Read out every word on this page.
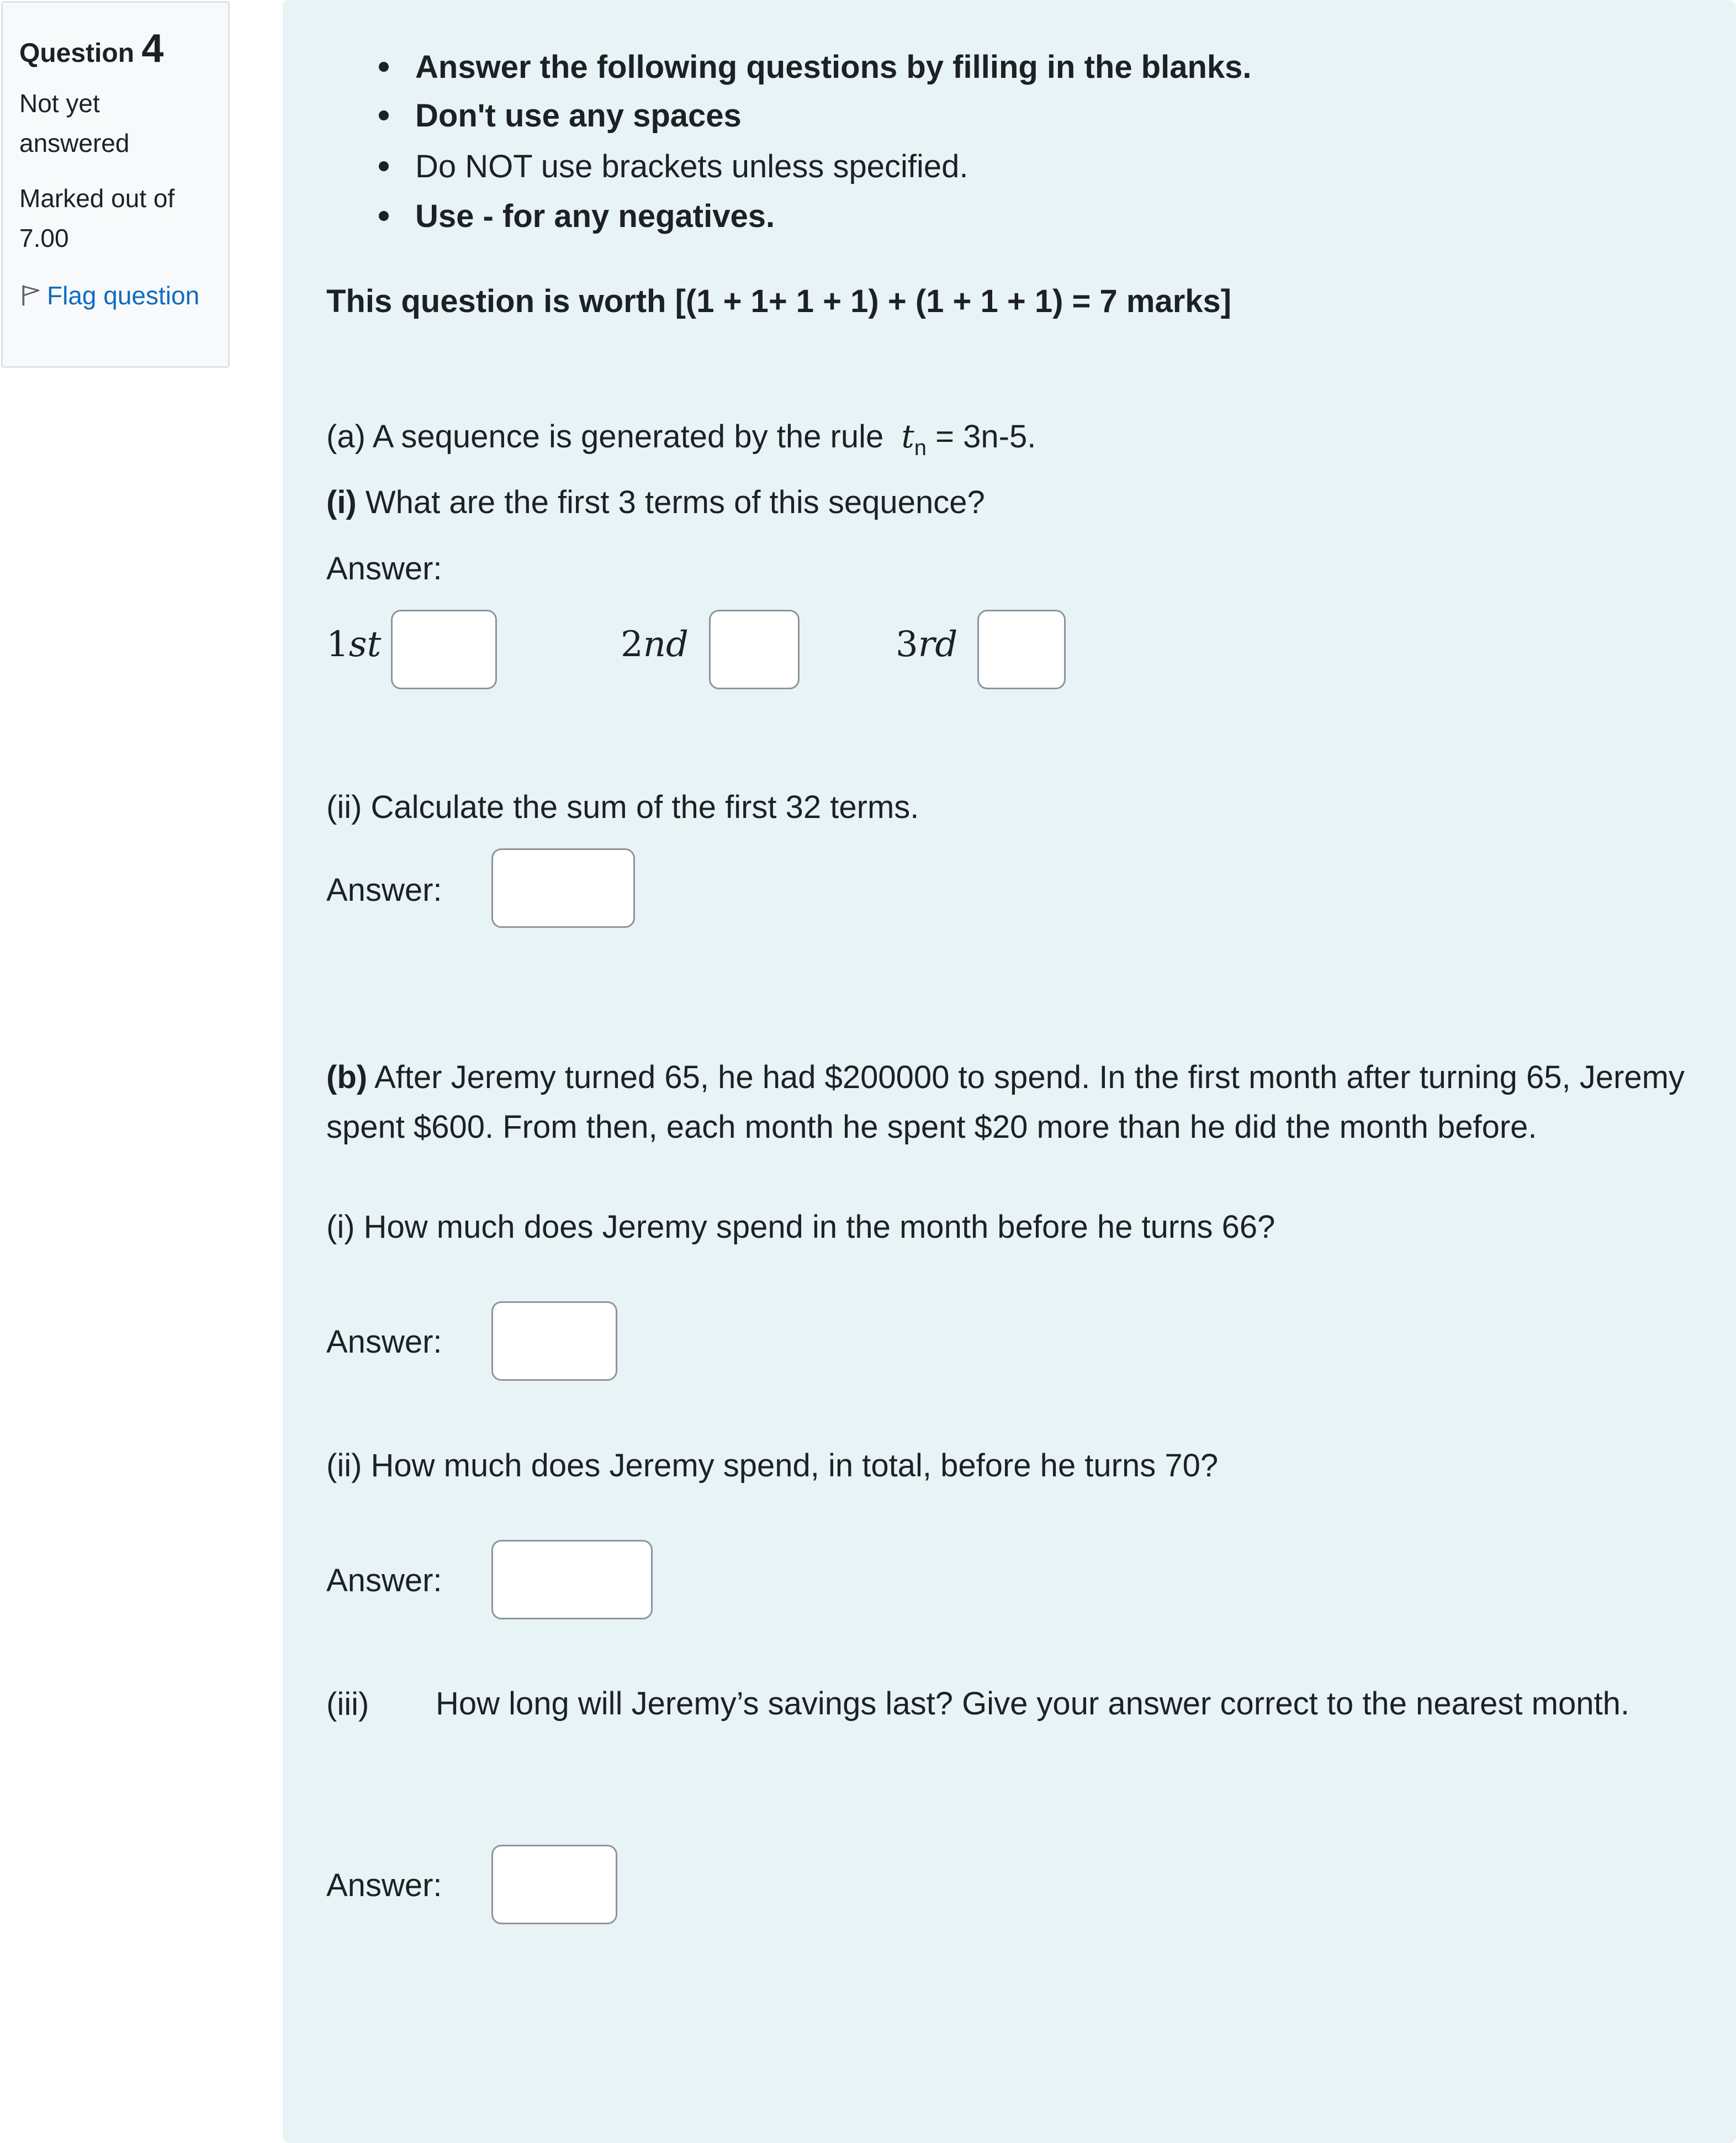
Question 4
Not yet answered
Marked out of 7.00
Flag question
Answer the following questions by filling in the blanks.
Don't use any spaces
Do NOT use brackets unless specified.
Use - for any negatives.
This question is worth [(1 + 1+ 1 + 1) + (1 + 1 + 1) = 7 marks]
(a) A sequence is generated by the rule $t_n = 3n-5$.
(i) What are the first 3 terms of this sequence?
Answer:
1st	2nd	3rd
(ii) Calculate the sum of the first 32 terms.
Answer:
(b) After Jeremy turned 65, he had $200000 to spend. In the first month after turning 65, Jeremy spent $600. From then, each month he spent $20 more than he did the month before.
(i) How much does Jeremy spend in the month before he turns 66?
Answer:
(ii) How much does Jeremy spend, in total, before he turns 70?
Answer:
(iii)	How long will Jeremy’s savings last? Give your answer correct to the nearest month.
Answer:
